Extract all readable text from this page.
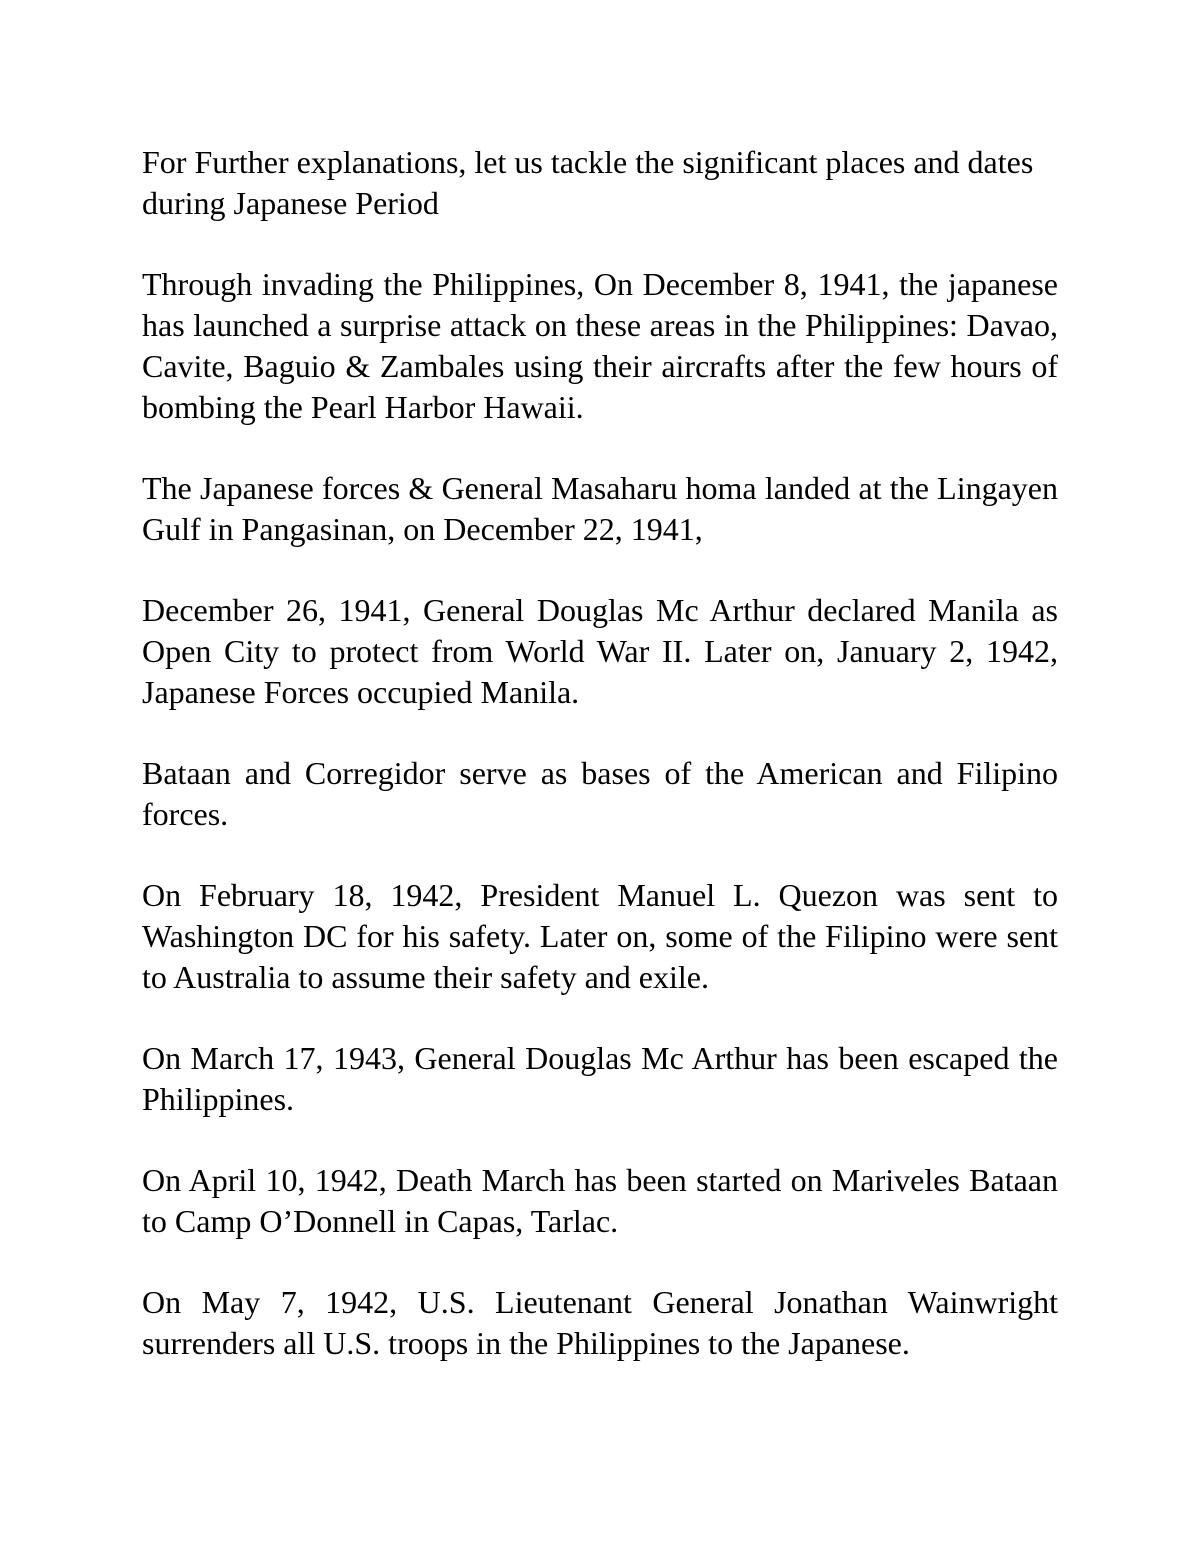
For Further explanations, let us tackle the significant places and dates during Japanese Period

Through invading the Philippines, On December 8, 1941, the japanese has launched a surprise attack on these areas in the Philippines: Davao, Cavite, Baguio & Zambales using their aircrafts after the few hours of bombing the Pearl Harbor Hawaii.

The Japanese forces & General Masaharu homa landed at the Lingayen Gulf in Pangasinan, on December 22, 1941,

December 26, 1941, General Douglas Mc Arthur declared Manila as Open City to protect from World War II. Later on, January 2, 1942, Japanese Forces occupied Manila.

Bataan and Corregidor serve as bases of the American and Filipino forces.

On February 18, 1942, President Manuel L. Quezon was sent to Washington DC for his safety. Later on, some of the Filipino were sent to Australia to assume their safety and exile.

On March 17, 1943, General Douglas Mc Arthur has been escaped the Philippines.

On April 10, 1942, Death March has been started on Mariveles Bataan to Camp O’Donnell in Capas, Tarlac.

On May 7, 1942, U.S. Lieutenant General Jonathan Wainwright surrenders all U.S. troops in the Philippines to the Japanese.
